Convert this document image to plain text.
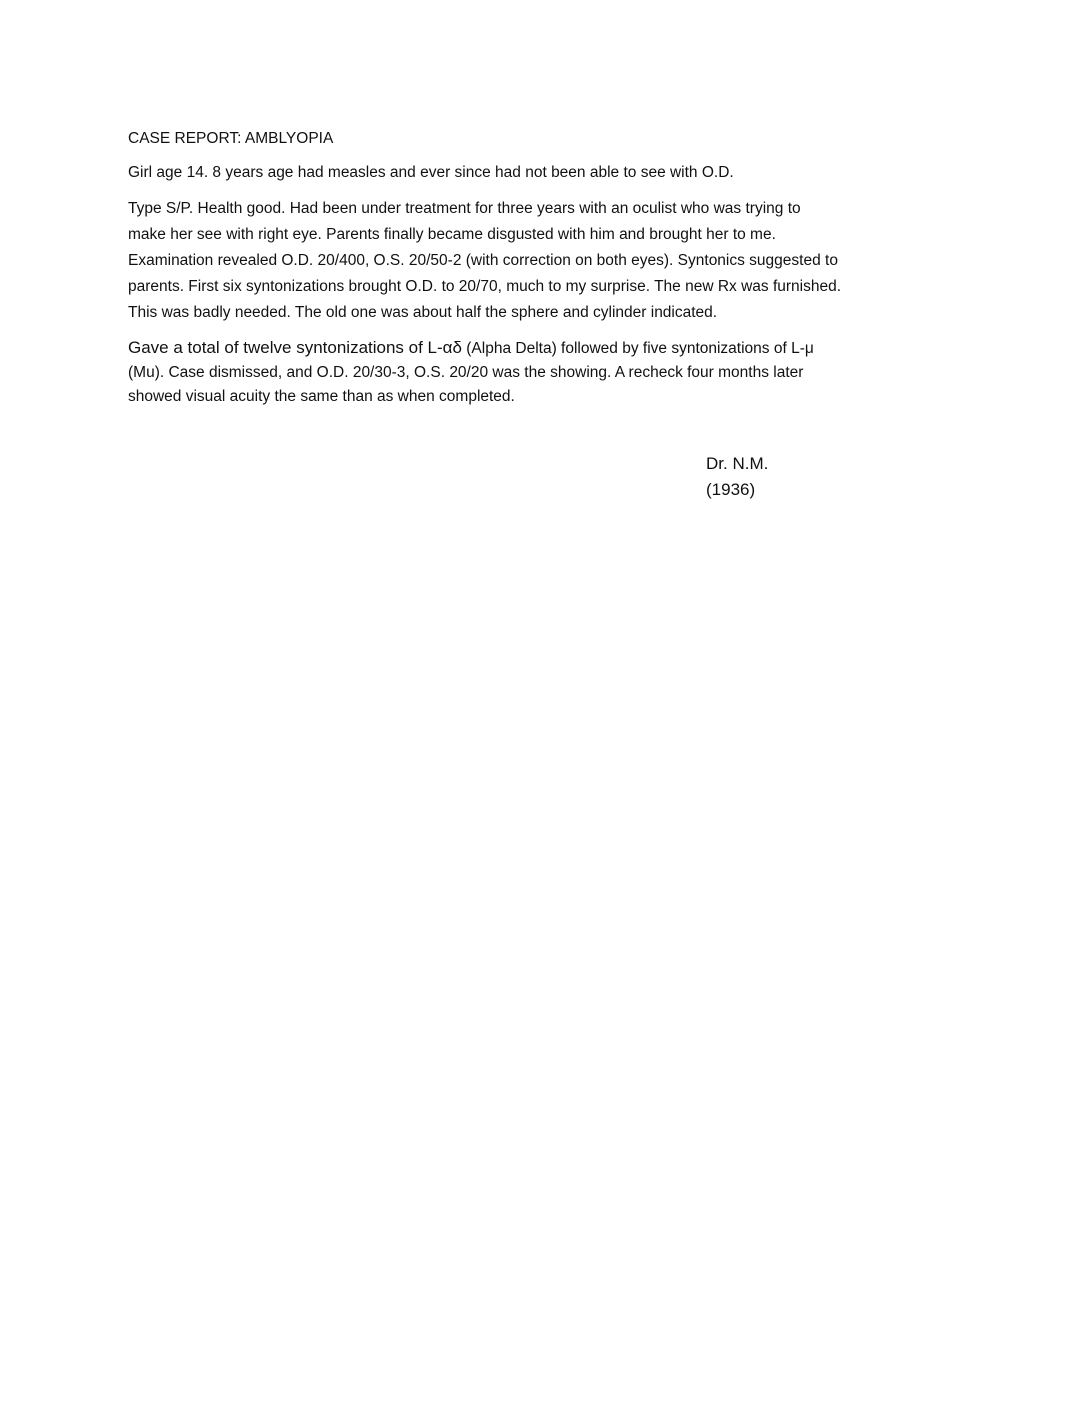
CASE REPORT: AMBLYOPIA
Girl age 14. 8 years age had measles and ever since had not been able to see with O.D.
Type S/P. Health good. Had been under treatment for three years with an oculist who was trying to
make her see with right eye. Parents finally became disgusted with him and brought her to me.
Examination revealed O.D. 20/400, O.S. 20/50-2 (with correction on both eyes). Syntonics suggested to
parents. First six syntonizations brought O.D. to 20/70, much to my surprise. The new Rx was furnished.
This was badly needed. The old one was about half the sphere and cylinder indicated.
Gave a total of twelve syntonizations of L-αδ (Alpha Delta) followed by five syntonizations of L-μ
(Mu). Case dismissed, and O.D. 20/30-3, O.S. 20/20 was the showing. A recheck four months later
showed visual acuity the same than as when completed.
Dr. N.M.
(1936)
